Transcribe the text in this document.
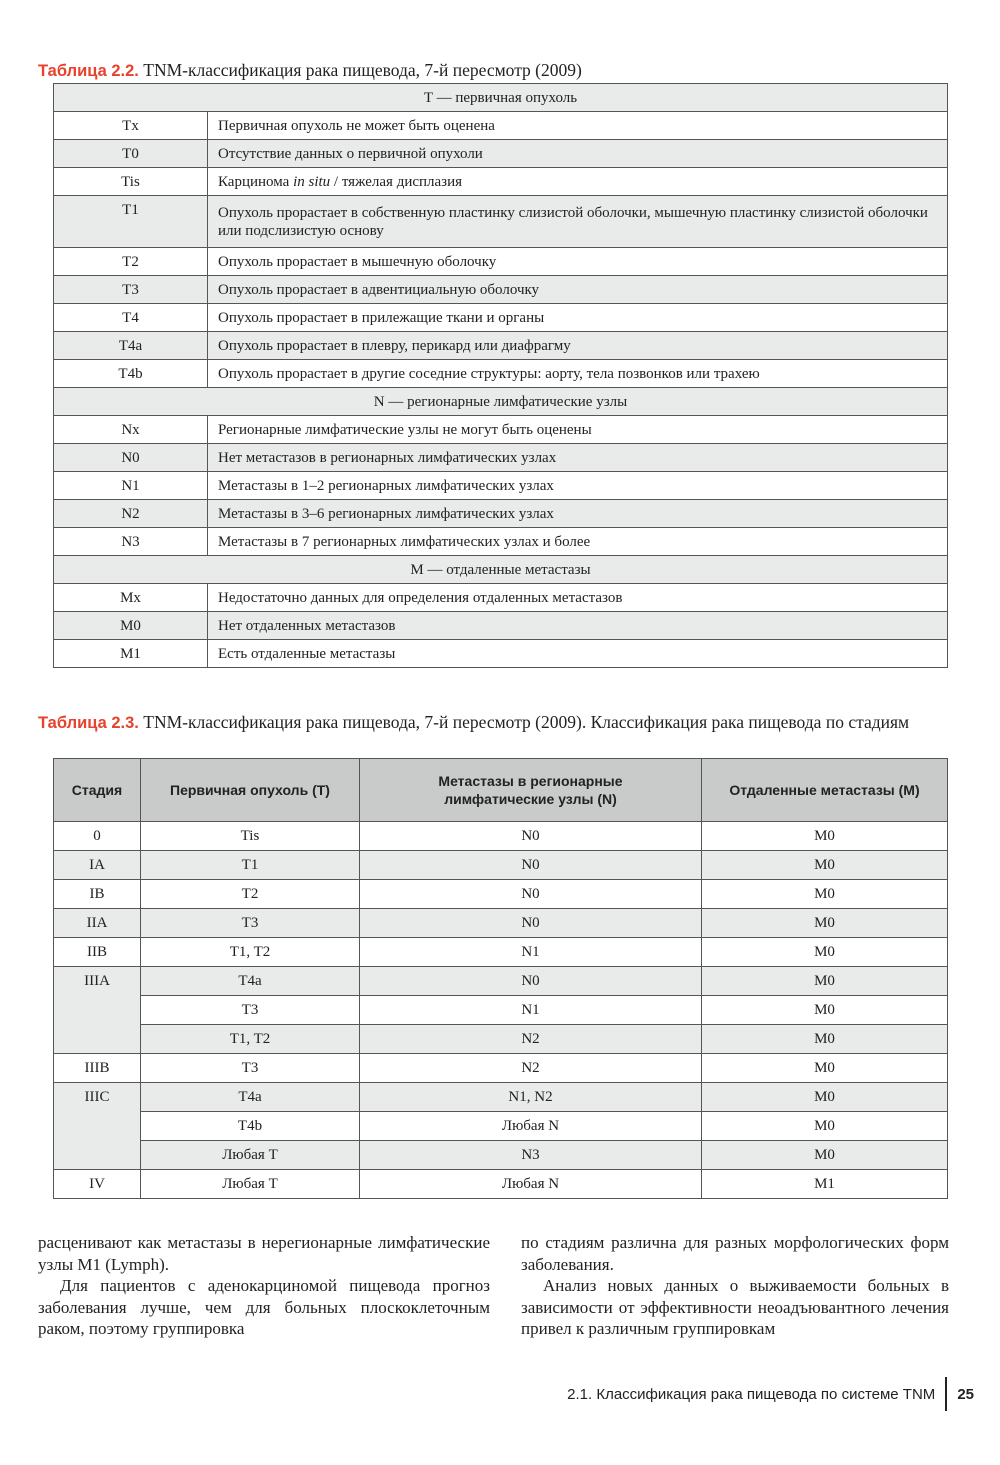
Таблица 2.2. TNM-классификация рака пищевода, 7-й пересмотр (2009)
T — первичная опухоль	
Tx	Первичная опухоль не может быть оценена
T0	Отсутствие данных о первичной опухоли
Tis	Карцинома in situ / тяжелая дисплазия
T1	Опухоль прорастает в собственную пластинку слизистой оболочки, мышечную пластинку слизистой оболочки или подслизистую основу
T2	Опухоль прорастает в мышечную оболочку
T3	Опухоль прорастает в адвентициальную оболочку
T4	Опухоль прорастает в прилежащие ткани и органы
T4a	Опухоль прорастает в плевру, перикард или диафрагму
T4b	Опухоль прорастает в другие соседние структуры: аорту, тела позвонков или трахею
N — регионарные лимфатические узлы	
Nx	Регионарные лимфатические узлы не могут быть оценены
N0	Нет метастазов в регионарных лимфатических узлах
N1	Метастазы в 1–2 регионарных лимфатических узлах
N2	Метастазы в 3–6 регионарных лимфатических узлах
N3	Метастазы в 7 регионарных лимфатических узлах и более
M — отдаленные метастазы	
Mx	Недостаточно данных для определения отдаленных метастазов
M0	Нет отдаленных метастазов
M1	Есть отдаленные метастазы
Таблица 2.3. TNM-классификация рака пищевода, 7-й пересмотр (2009). Классификация рака пищевода по стадиям
Стадия	Первичная опухоль (T)	Метастазы в регионарные лимфатические узлы (N)	Отдаленные метастазы (M)
0	Tis	N0	M0
IA	T1	N0	M0
IB	T2	N0	M0
IIA	T3	N0	M0
IIB	T1, T2	N1	M0
IIIA	T4a	N0	M0
	T3	N1	M0
	T1, T2	N2	M0
IIIB	T3	N2	M0
IIIC	T4a	N1, N2	M0
	T4b	Любая N	M0
	Любая T	N3	M0
IV	Любая T	Любая N	M1

расценивают как метастазы в нерегионарные лимфатические узлы M1 (Lymph).

Для пациентов с аденокарциномой пищевода прогноз заболевания лучше, чем для больных плоскоклеточным раком, поэтому группировка

по стадиям различна для разных морфологических форм заболевания.

Анализ новых данных о выживаемости больных в зависимости от эффективности неоадъювантного лечения привел к различным группировкам

2.1. Классификация рака пищевода по системе TNM 25
